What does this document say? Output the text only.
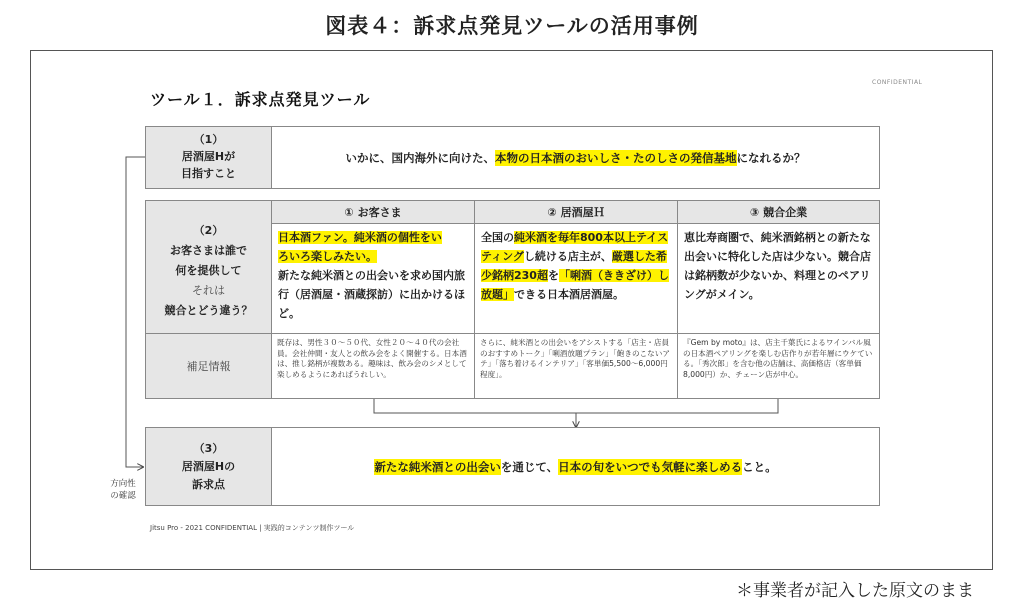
図表４：訴求点発見ツールの活用事例
CONFIDENTIAL
ツール１．訴求点発見ツール
（1）
居酒屋Hが
目指すこと
いかに、国内海外に向けた、 本物の日本酒のおいしさ・たのしさの発信基地 になれるか？
（2）
お客さまは誰で
何を提供して
それは
競合とどう違う？
補足情報
① お客さま	② 居酒屋Ｈ	③ 競合企業
日本酒ファン。純米酒の個性をい
ろいろ楽しみたい。
新たな純米酒との出会いを求め国内旅行（居酒屋・酒蔵探訪）に出かけるほど。
全国の純米酒を毎年800本以上テイスティングし続ける店主が、厳選した希少銘柄230超を「唎酒（ききざけ）し放題」できる日本酒居酒屋。
恵比寿商圏で、純米酒銘柄との新たな出会いに特化した店は少ない。競合店は銘柄数が少ないか、料理とのペアリングがメイン。
既存は、男性３０～５０代、女性２０～４０代の会社員。会社仲間・友人との飲み会をよく開催する。日本酒は、推し銘柄が複数ある。趣味は、飲み会のシメとして楽しめるようにあればうれしい。
さらに、純米酒との出会いをアシストする「店主・店員のおすすめトーク」「唎酒放題プラン」「飽きのこないアテ」「落ち着けるインテリア」「客単価5,500～6,000円程度」。
『Gem by moto』は、店主千葉氏によるワインバル風の日本酒ペアリングを楽しむ店作りが若年層にウケている。「秀次郎」を含む他の店舗は、高価格店（客単価8,000円）か、チェーン店が中心。
（3）
居酒屋Hの
訴求点
新たな純米酒との出会い を通じて、 日本の旬をいつでも気軽に楽しめる こと。
方向性
の確認
Jitsu Pro - 2021 CONFIDENTIAL | 実践的コンテンツ制作ツール
＊事業者が記入した原文のまま
